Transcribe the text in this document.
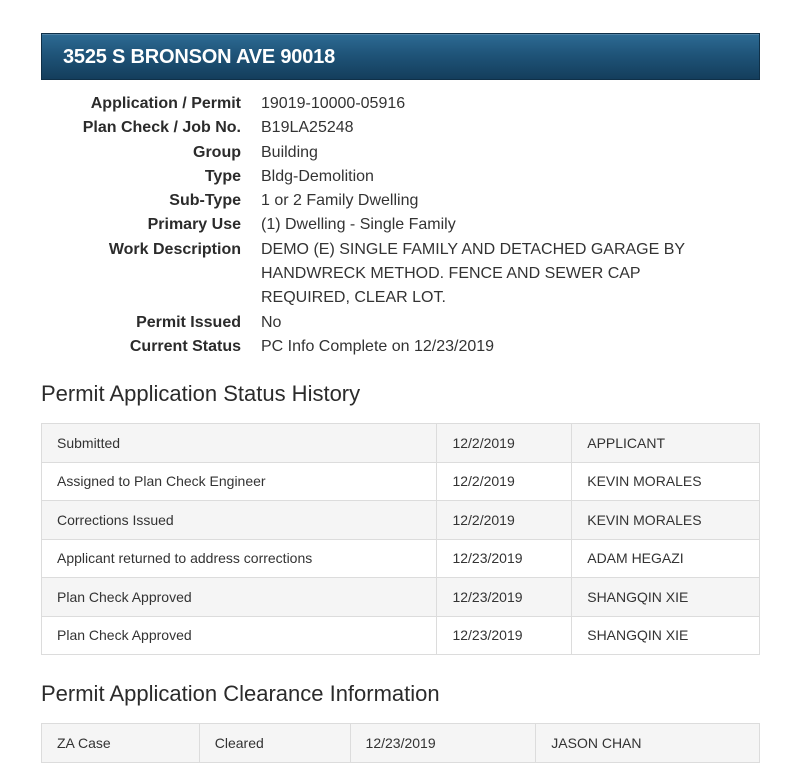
3525 S BRONSON AVE 90018
Application / Permit 19019-10000-05916
Plan Check / Job No. B19LA25248
Group Building
Type Bldg-Demolition
Sub-Type 1 or 2 Family Dwelling
Primary Use (1) Dwelling - Single Family
Work Description DEMO (E) SINGLE FAMILY AND DETACHED GARAGE BY HANDWRECK METHOD. FENCE AND SEWER CAP REQUIRED, CLEAR LOT.
Permit Issued No
Current Status PC Info Complete on 12/23/2019
Permit Application Status History
Submitted	12/2/2019	APPLICANT
Assigned to Plan Check Engineer	12/2/2019	KEVIN MORALES
Corrections Issued	12/2/2019	KEVIN MORALES
Applicant returned to address corrections	12/23/2019	ADAM HEGAZI
Plan Check Approved	12/23/2019	SHANGQIN XIE
Plan Check Approved	12/23/2019	SHANGQIN XIE
Permit Application Clearance Information
ZA Case	Cleared	12/23/2019	JASON CHAN
